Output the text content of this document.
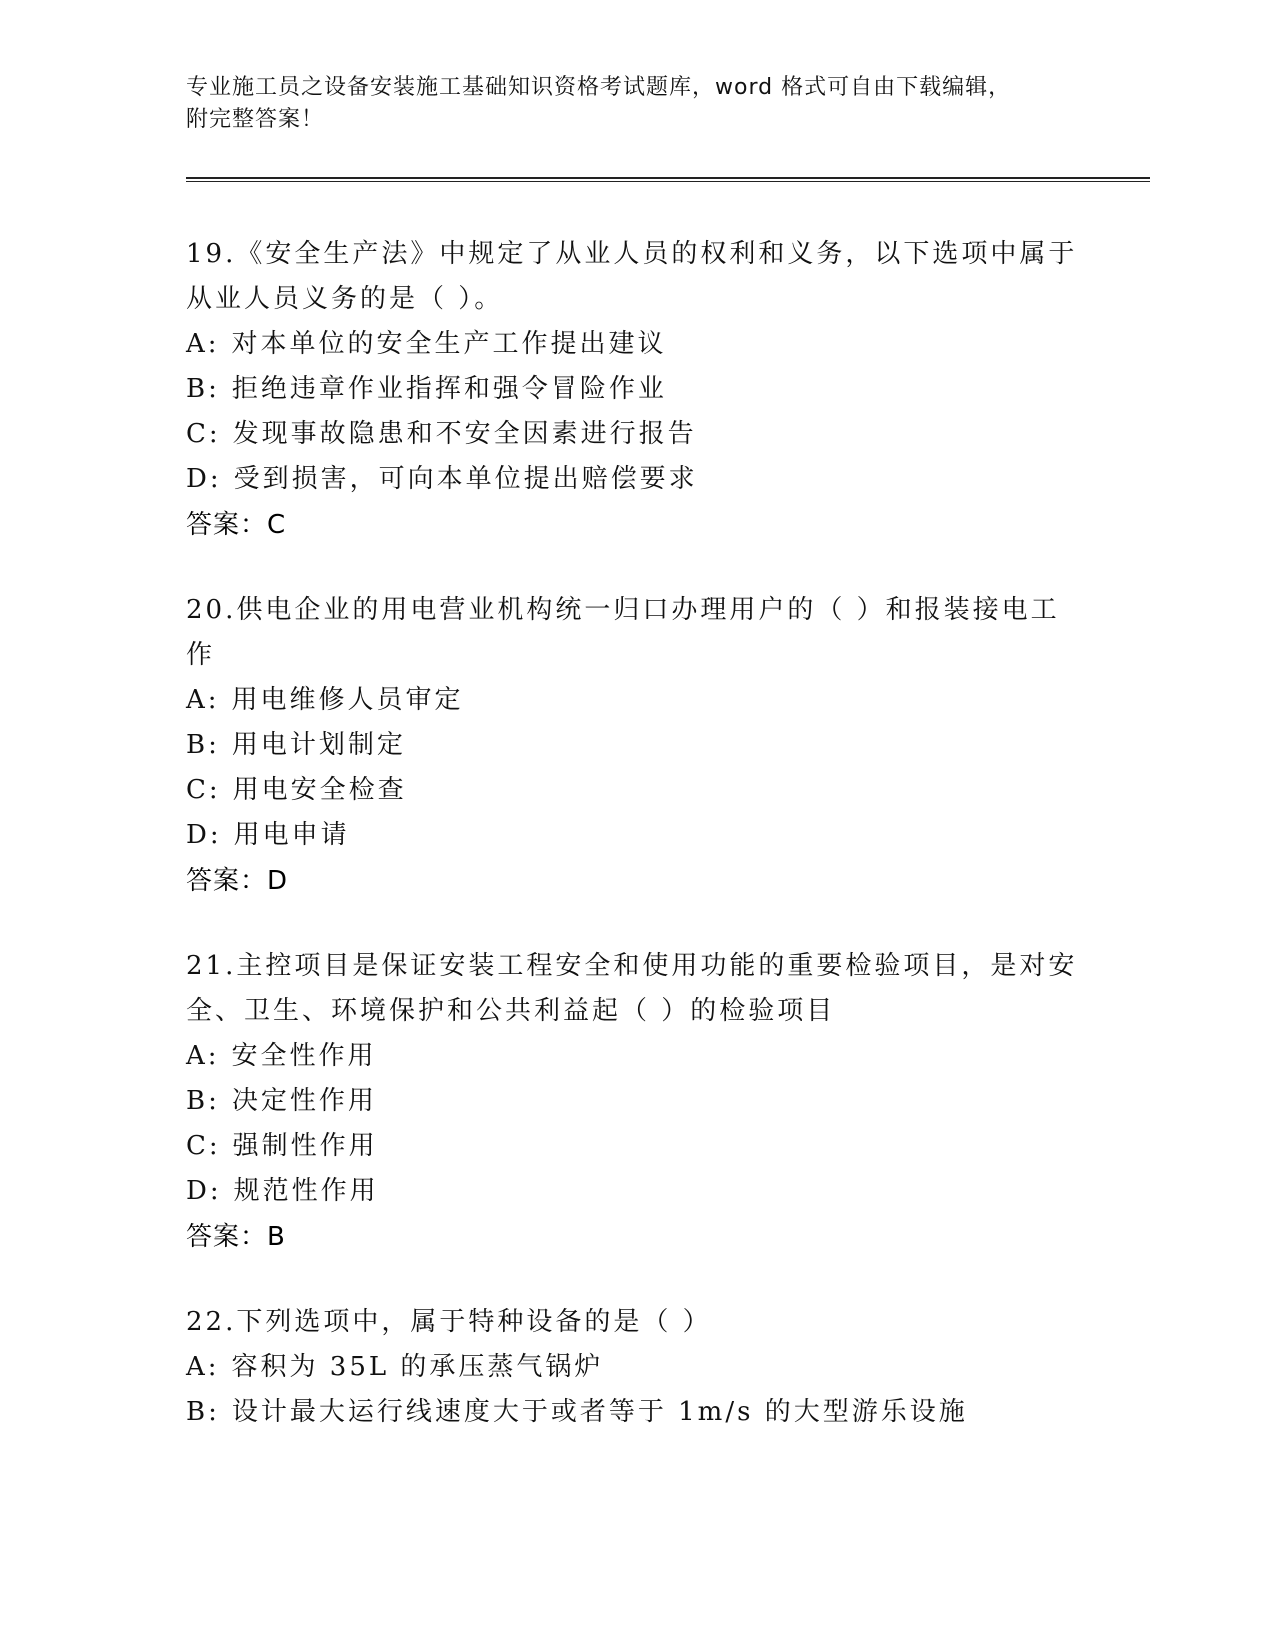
专业施工员之设备安装施工基础知识资格考试题库，word 格式可自由下载编辑，
附完整答案！

19.《安全生产法》中规定了从业人员的权利和义务，以下选项中属于从业人员义务的是（ ）。

A: 对本单位的安全生产工作提出建议

B: 拒绝违章作业指挥和强令冒险作业

C: 发现事故隐患和不安全因素进行报告

D: 受到损害，可向本单位提出赔偿要求

答案：C

20.供电企业的用电营业机构统一归口办理用户的（ ）和报装接电工作

A: 用电维修人员审定

B: 用电计划制定

C: 用电安全检查

D: 用电申请

答案：D

21.主控项目是保证安装工程安全和使用功能的重要检验项目，是对安全、卫生、环境保护和公共利益起（ ）的检验项目

A: 安全性作用

B: 决定性作用

C: 强制性作用

D: 规范性作用

答案：B

22.下列选项中，属于特种设备的是（ ）

A: 容积为 35L 的承压蒸气锅炉

B: 设计最大运行线速度大于或者等于 1m/s 的大型游乐设施
